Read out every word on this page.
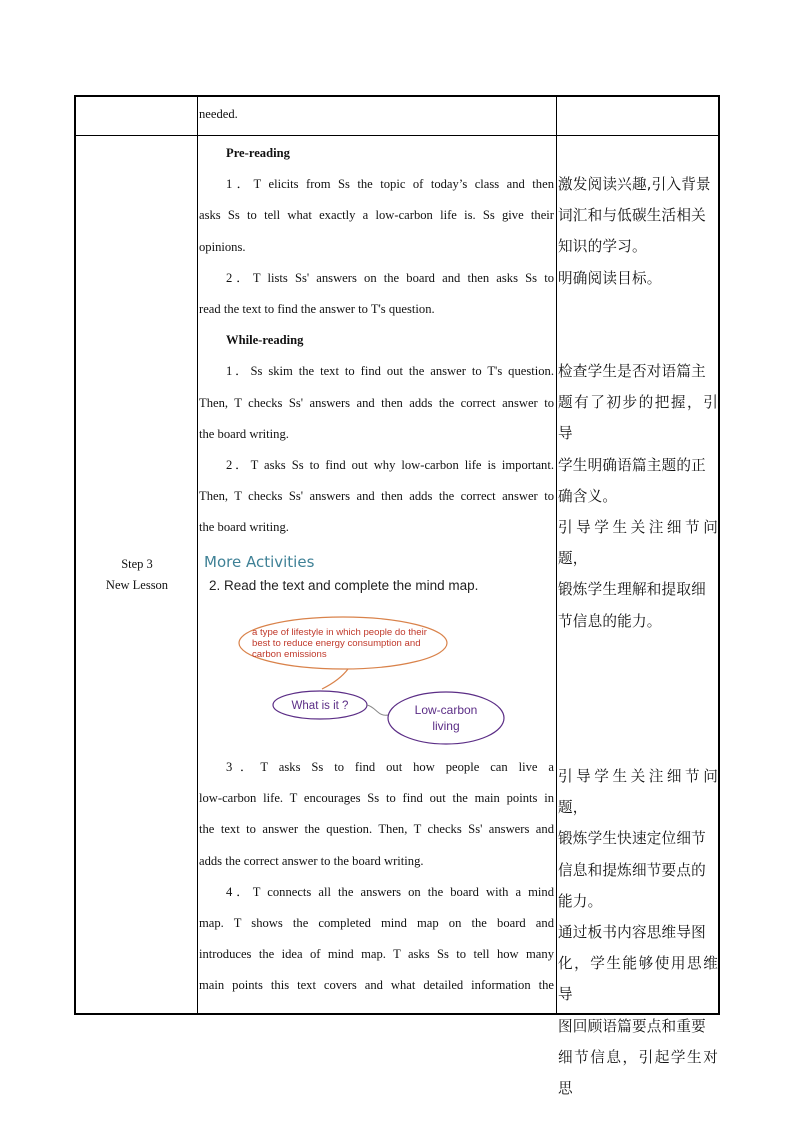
needed.
Step 3
New Lesson

Pre-reading

1．T elicits from Ss the topic of today’s class and then

asks Ss to tell what exactly a low-carbon life is. Ss give their

opinions.

2．T lists Ss' answers on the board and then asks Ss to

read the text to find the answer to T's question.

While-reading

1．Ss skim the text to find out the answer to T's question.

Then, T checks Ss' answers and then adds the correct answer to

the board writing.

2．T asks Ss to find out why low-carbon life is important.

Then, T checks Ss' answers and then adds the correct answer to

the board writing.

More Activities
2. Read the text and complete the mind map.
a type of lifestyle in which people do their
best to reduce energy consumption and
carbon emissions
What is it ?	Low-carbon
living

3．T asks Ss to find out how people can live a

low-carbon life. T encourages Ss to find out the main points in

the text to answer the question. Then, T checks Ss' answers and

adds the correct answer to the board writing.

4．T connects all the answers on the board with a mind

map. T shows the completed mind map on the board and

introduces the idea of mind map. T asks Ss to tell how many

main points this text covers and what detailed information the

激发阅读兴趣,引入背景

词汇和与低碳生活相关

知识的学习。

明确阅读目标。

检查学生是否对语篇主

题有了初步的把握，引导

学生明确语篇主题的正

确含义。

引导学生关注细节问题，

锻炼学生理解和提取细

节信息的能力。

引导学生关注细节问题，

锻炼学生快速定位细节

信息和提炼细节要点的

能力。

通过板书内容思维导图

化，学生能够使用思维导

图回顾语篇要点和重要

细节信息，引起学生对思
